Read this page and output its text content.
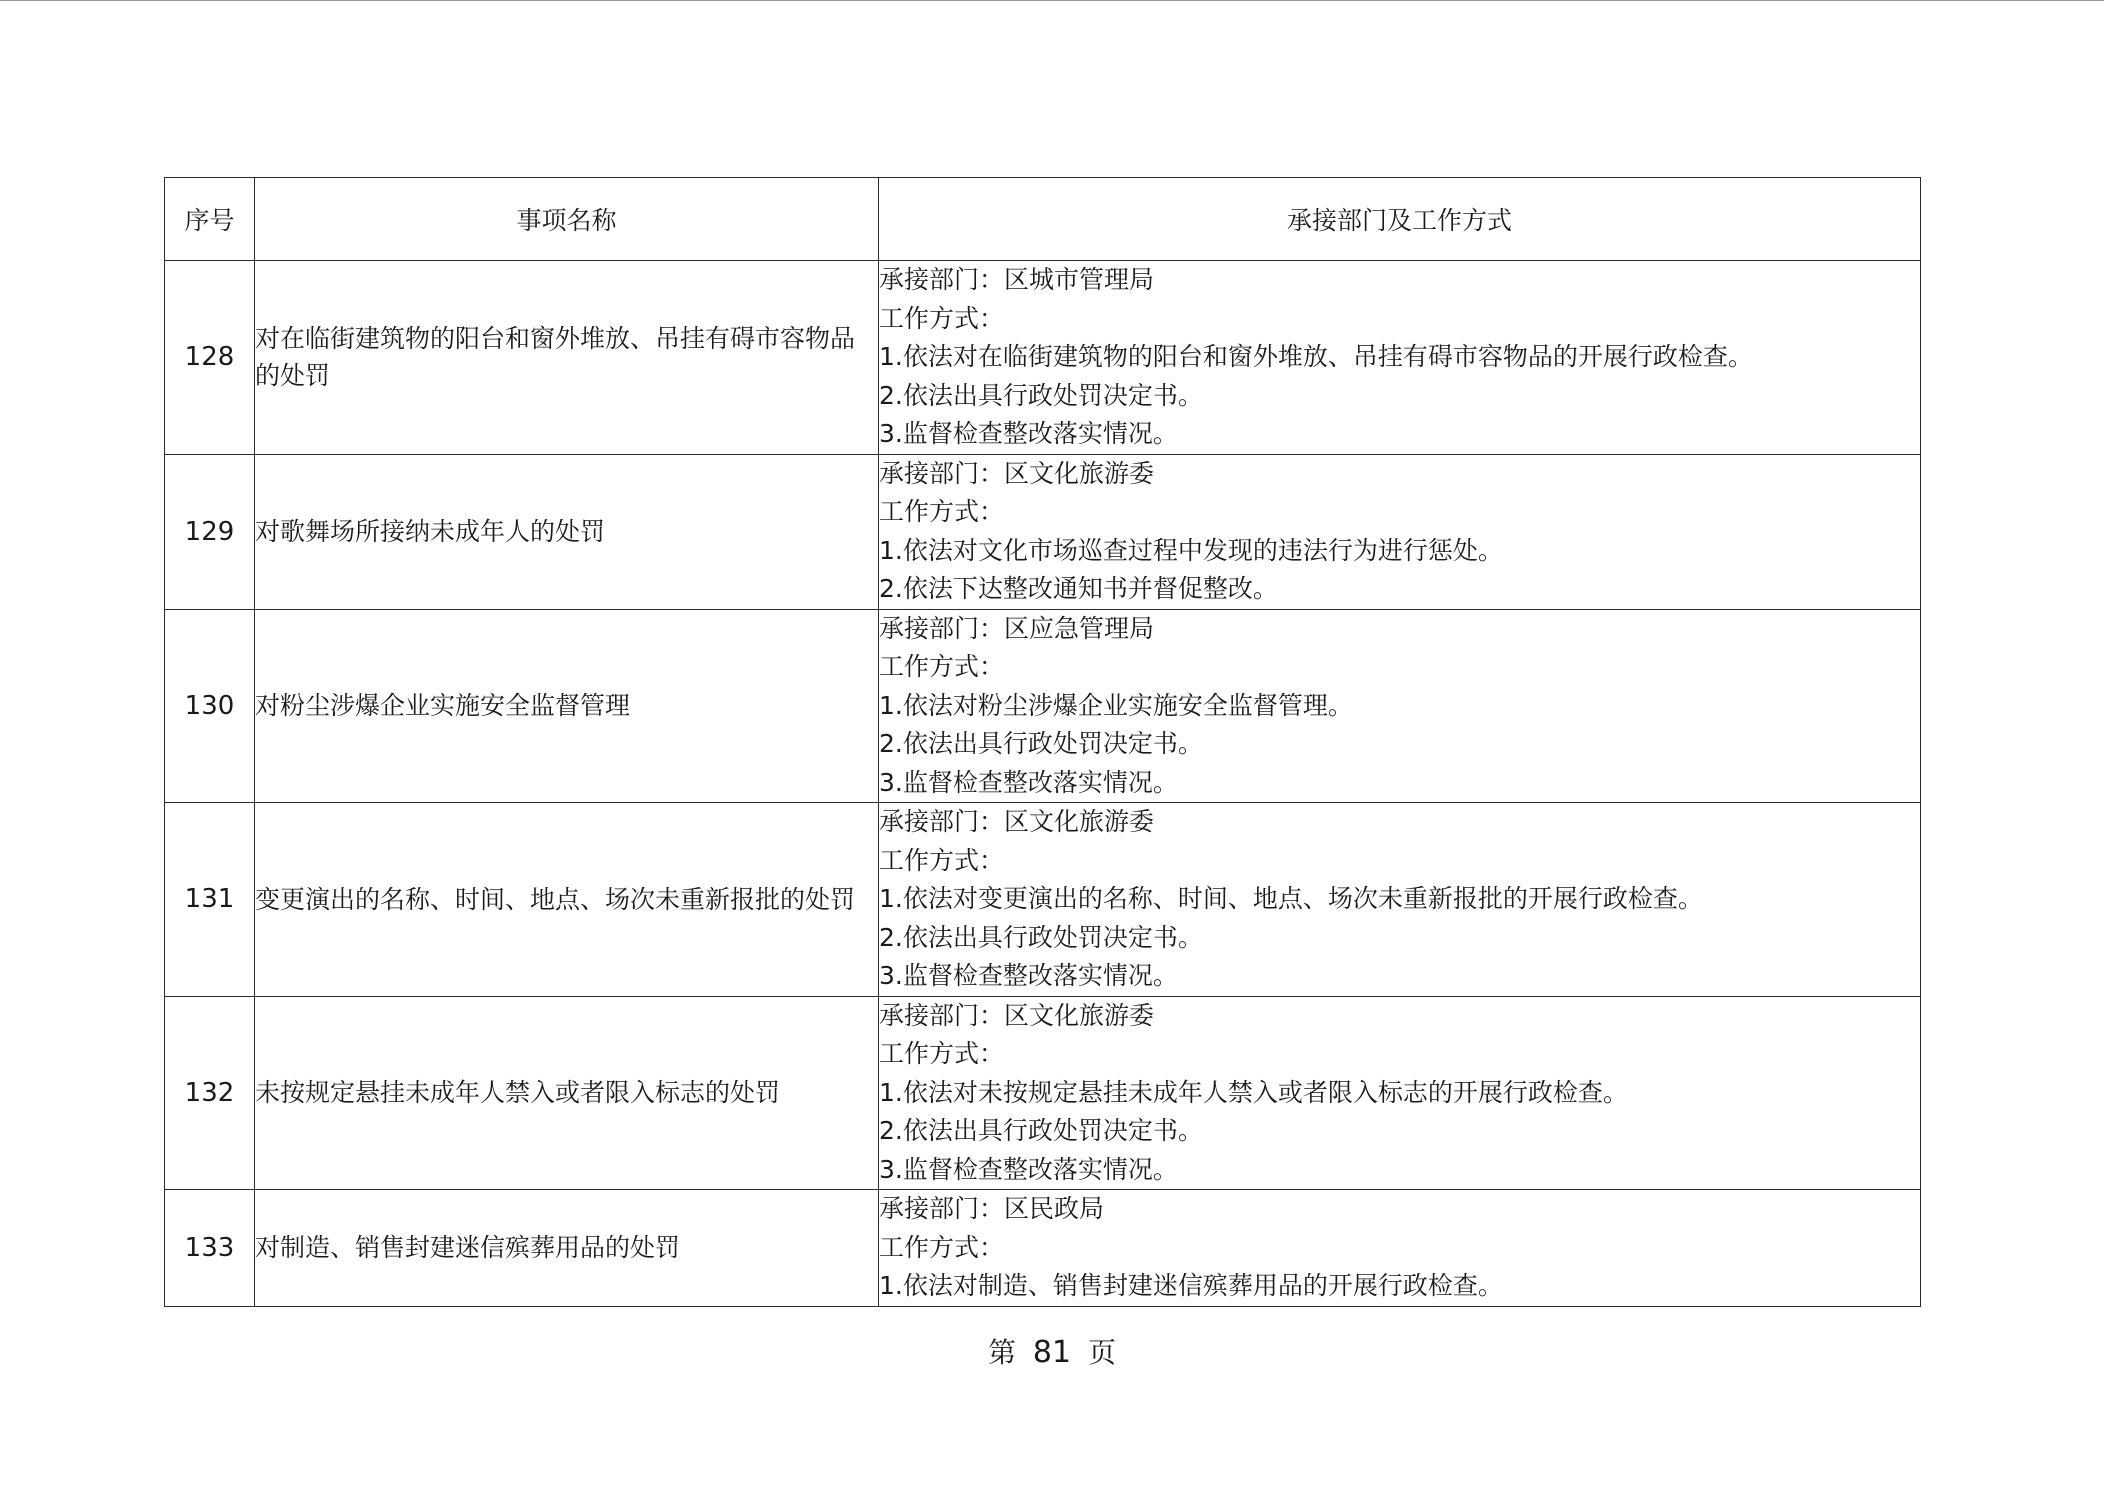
序号	事项名称	承接部门及工作方式
128	对在临街建筑物的阳台和窗外堆放、吊挂有碍市容物品的处罚	承接部门：区城市管理局
工作方式：
1.依法对在临街建筑物的阳台和窗外堆放、吊挂有碍市容物品的开展行政检查。
2.依法出具行政处罚决定书。
3.监督检查整改落实情况。

129	对歌舞场所接纳未成年人的处罚	承接部门：区文化旅游委
工作方式：
1.依法对文化市场巡查过程中发现的违法行为进行惩处。
2.依法下达整改通知书并督促整改。

130	对粉尘涉爆企业实施安全监督管理	承接部门：区应急管理局
工作方式：
1.依法对粉尘涉爆企业实施安全监督管理。
2.依法出具行政处罚决定书。
3.监督检查整改落实情况。

131	变更演出的名称、时间、地点、场次未重新报批的处罚	承接部门：区文化旅游委
工作方式：
1.依法对变更演出的名称、时间、地点、场次未重新报批的开展行政检查。
2.依法出具行政处罚决定书。
3.监督检查整改落实情况。

132	未按规定悬挂未成年人禁入或者限入标志的处罚	承接部门：区文化旅游委
工作方式：
1.依法对未按规定悬挂未成年人禁入或者限入标志的开展行政检查。
2.依法出具行政处罚决定书。
3.监督检查整改落实情况。

133	对制造、销售封建迷信殡葬用品的处罚	承接部门：区民政局
工作方式：
1.依法对制造、销售封建迷信殡葬用品的开展行政检查。
第 81 页
